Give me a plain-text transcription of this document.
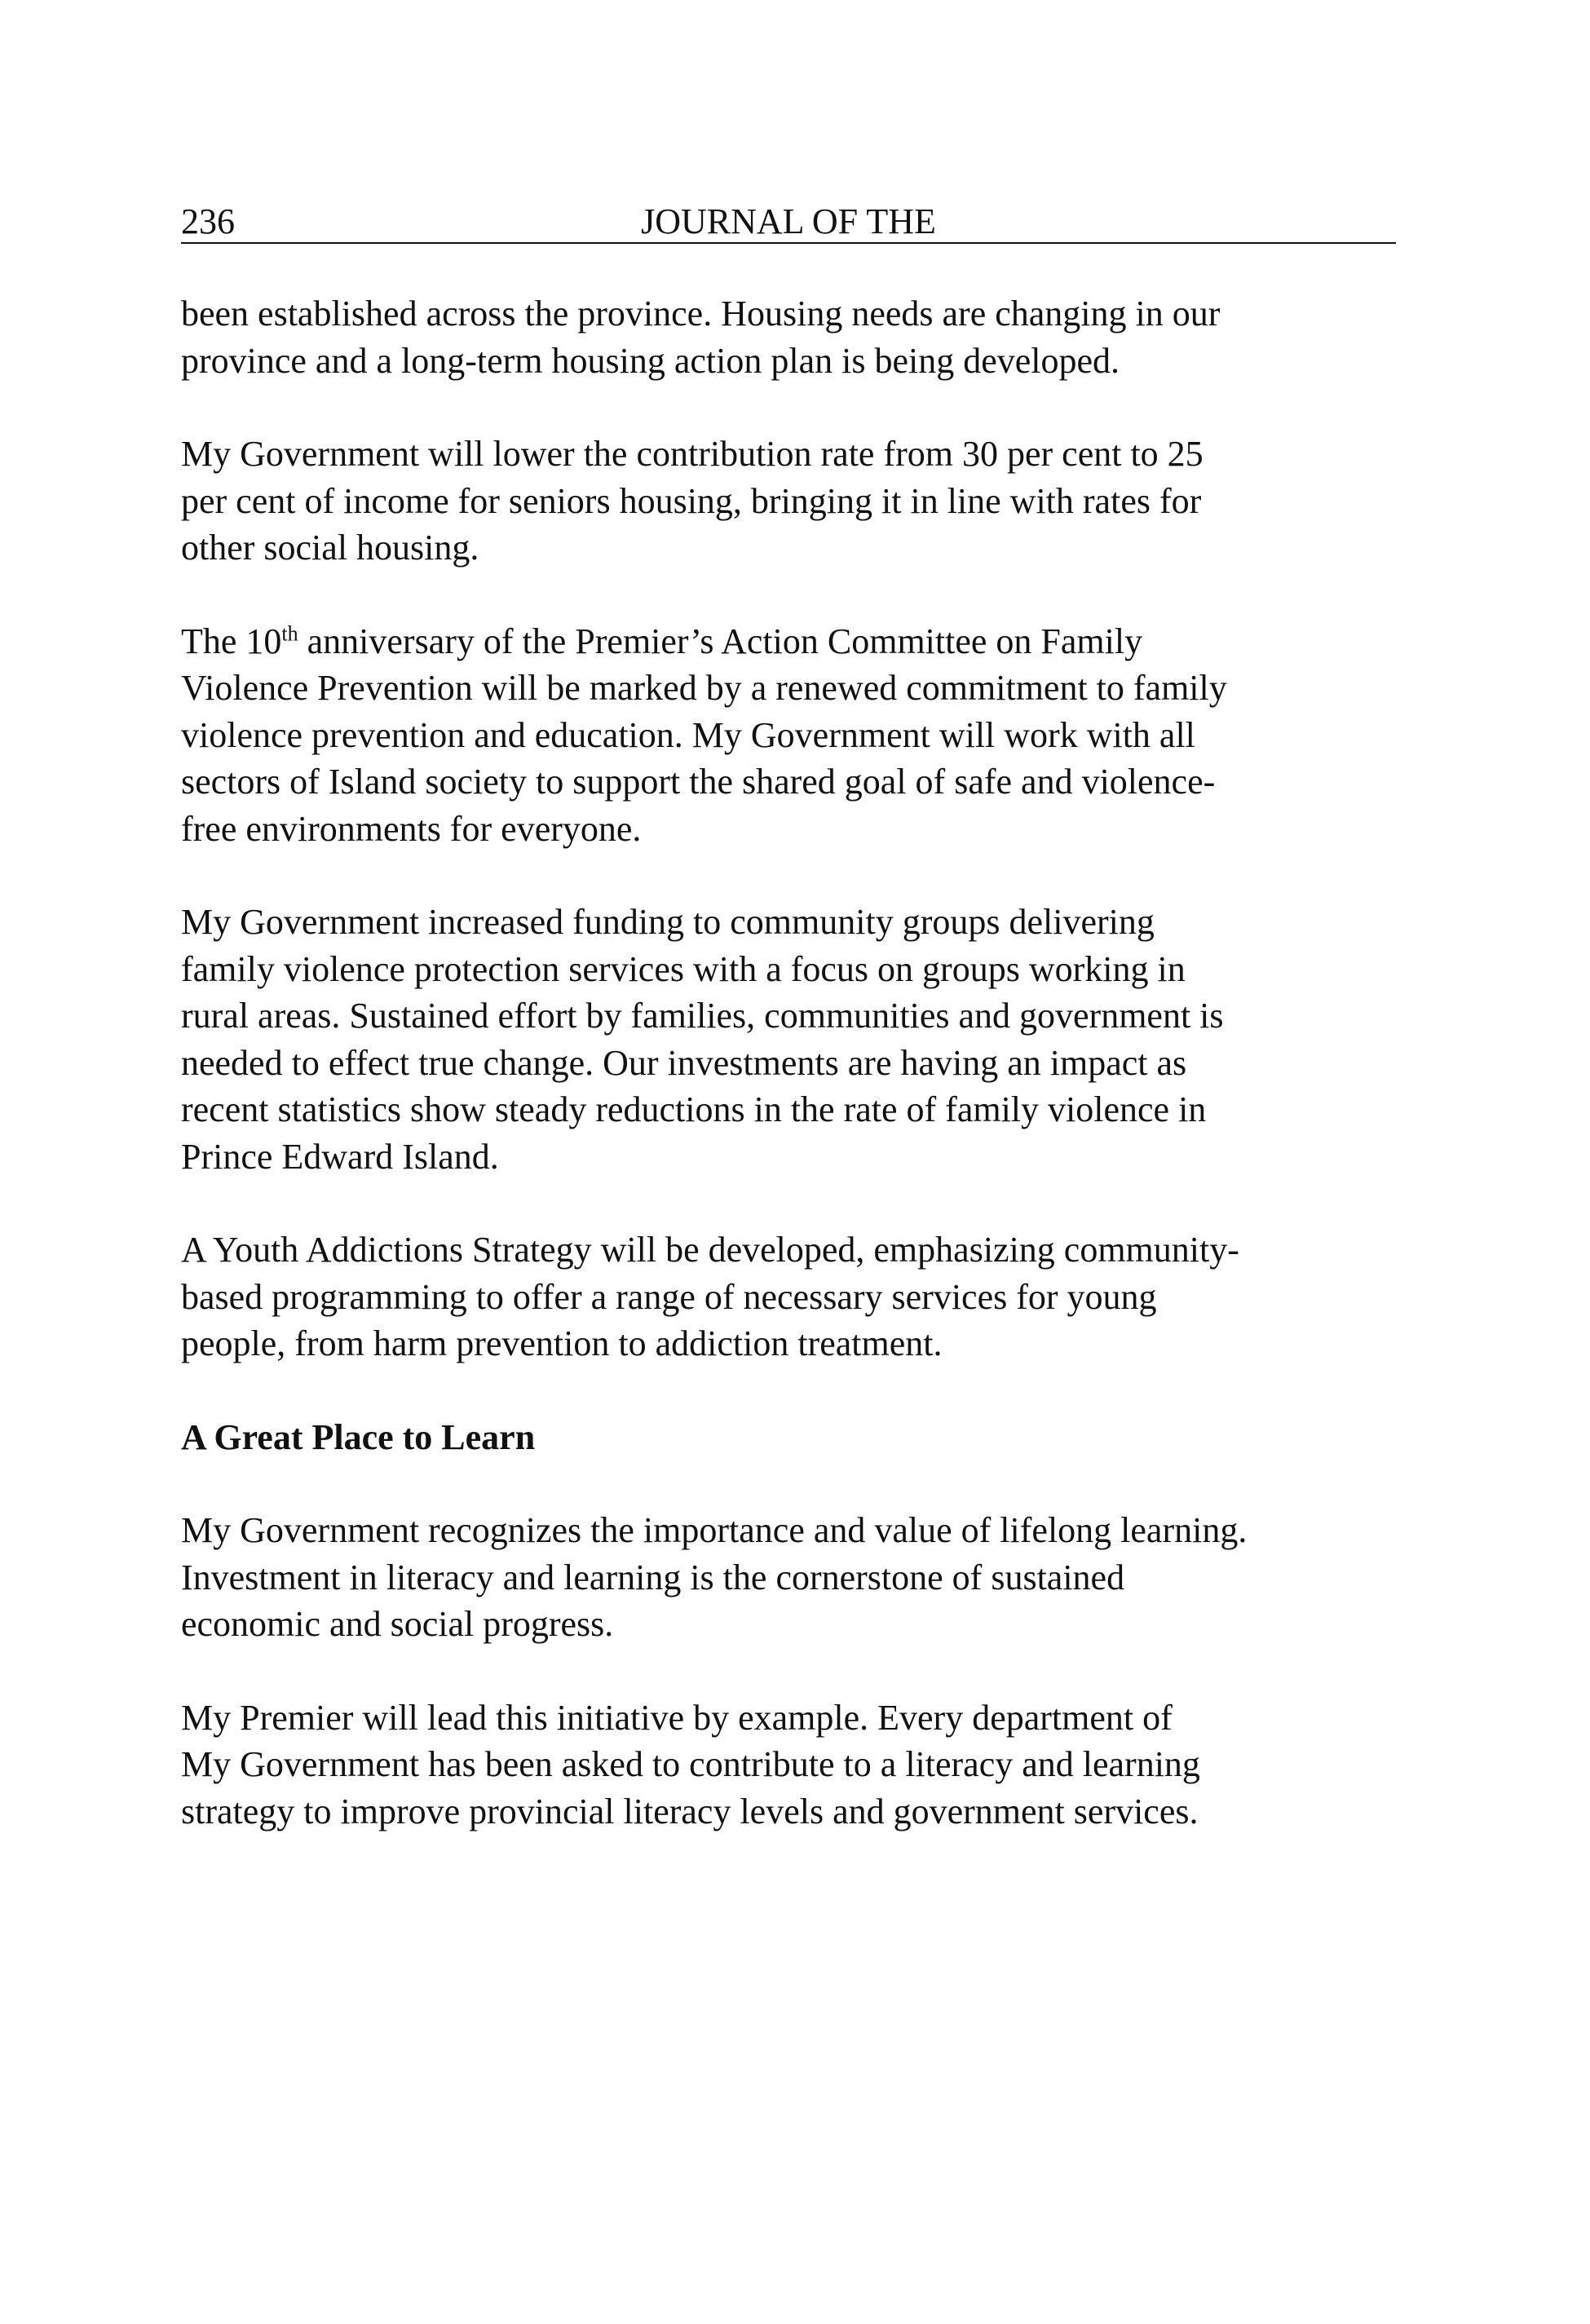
236	JOURNAL OF THE

been established across the province. Housing needs are changing in our
province and a long-term housing action plan is being developed.

My Government will lower the contribution rate from 30 per cent to 25
per cent of income for seniors housing, bringing it in line with rates for
other social housing.

The 10th anniversary of the Premier’s Action Committee on Family
Violence Prevention will be marked by a renewed commitment to family
violence prevention and education. My Government will work with all
sectors of Island society to support the shared goal of safe and violence-
free environments for everyone.

My Government increased funding to community groups delivering
family violence protection services with a focus on groups working in
rural areas. Sustained effort by families, communities and government is
needed to effect true change. Our investments are having an impact as
recent statistics show steady reductions in the rate of family violence in
Prince Edward Island.

A Youth Addictions Strategy will be developed, emphasizing community-
based programming to offer a range of necessary services for young
people, from harm prevention to addiction treatment.

A Great Place to Learn

My Government recognizes the importance and value of lifelong learning.
Investment in literacy and learning is the cornerstone of sustained
economic and social progress.

My Premier will lead this initiative by example. Every department of
My Government has been asked to contribute to a literacy and learning
strategy to improve provincial literacy levels and government services.
